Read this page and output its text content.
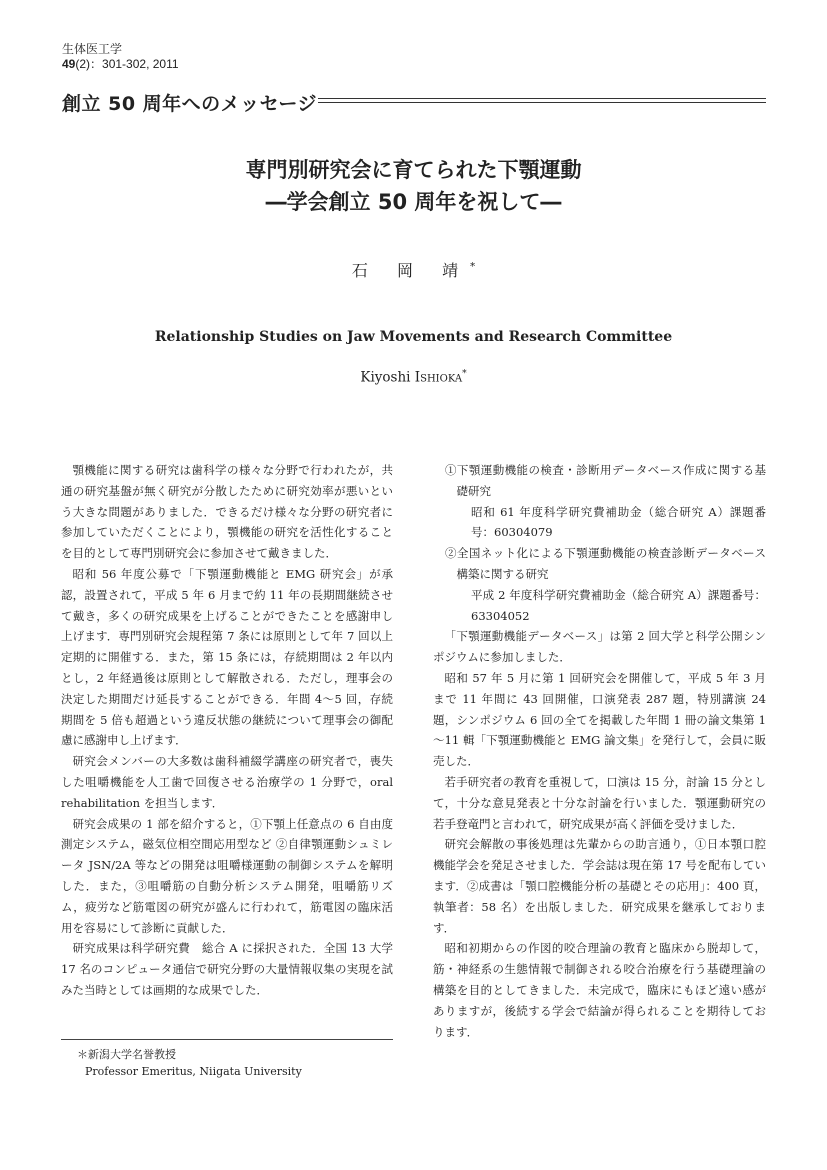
生体医工学
49(2)：301-302, 2011
創立 50 周年へのメッセージ
専門別研究会に育てられた下顎運動
―学会創立 50 周年を祝して―
石 岡 靖*
Relationship Studies on Jaw Movements and Research Committee
Kiyoshi ISHIOKA*

顎機能に関する研究は歯科学の様々な分野で行われたが，共通の研究基盤が無く研究が分散したために研究効率が悪いという大きな問題がありました．できるだけ様々な分野の研究者に参加していただくことにより，顎機能の研究を活性化することを目的として専門別研究会に参加させて戴きました．

昭和 56 年度公募で「下顎運動機能と EMG 研究会」が承認，設置されて，平成 5 年 6 月まで約 11 年の長期間継続させて戴き，多くの研究成果を上げることができたことを感謝申し上げます．専門別研究会規程第 7 条には原則として年 7 回以上定期的に開催する．また，第 15 条には，存続期間は 2 年以内とし，2 年経過後は原則として解散される．ただし，理事会の決定した期間だけ延長することができる．年間 4～5 回，存続期間を 5 倍も超過という違反状態の継続について理事会の御配慮に感謝申し上げます．

研究会メンバーの大多数は歯科補綴学講座の研究者で，喪失した咀嚼機能を人工歯で回復させる治療学の 1 分野で，oral rehabilitation を担当します．

研究会成果の 1 部を紹介すると，①下顎上任意点の 6 自由度測定システム，磁気位相空間応用型など ②自律顎運動シュミレータ JSN/2A 等などの開発は咀嚼様運動の制御システムを解明した．また，③咀嚼筋の自動分析システム開発，咀嚼筋リズム，疲労など筋電図の研究が盛んに行われて，筋電図の臨床活用を容易にして診断に貢献した．

研究成果は科学研究費　総合 A に採択された．全国 13 大学 17 名のコンピュータ通信で研究分野の大量情報収集の実現を試みた当時としては画期的な成果でした．

①下顎運動機能の検査・診断用データベース作成に関する基礎研究

昭和 61 年度科学研究費補助金（総合研究 A）課題番号：60304079

②全国ネット化による下顎運動機能の検査診断データベース構築に関する研究

平成 2 年度科学研究費補助金（総合研究 A）課題番号：63304052

「下顎運動機能データベース」は第 2 回大学と科学公開シンポジウムに参加しました．

昭和 57 年 5 月に第 1 回研究会を開催して，平成 5 年 3 月まで 11 年間に 43 回開催，口演発表 287 題，特別講演 24 題，シンポジウム 6 回の全てを掲載した年間 1 冊の論文集第 1～11 輯「下顎運動機能と EMG 論文集」を発行して，会員に販売した．

若手研究者の教育を重視して，口演は 15 分，討論 15 分として，十分な意見発表と十分な討論を行いました．顎運動研究の若手登竜門と言われて，研究成果が高く評価を受けました．

研究会解散の事後処理は先輩からの助言通り，①日本顎口腔機能学会を発足させました．学会誌は現在第 17 号を配布しています．②成書は「顎口腔機能分析の基礎とその応用」：400 頁，執筆者：58 名）を出版しました．研究成果を継承しております．

昭和初期からの作図的咬合理論の教育と臨床から脱却して，筋・神経系の生態情報で制御される咬合治療を行う基礎理論の構築を目的としてきました．未完成で，臨床にもほど遠い感がありますが，後続する学会で結論が得られることを期待しております．

＊新潟大学名誉教授
Professor Emeritus, Niigata University
